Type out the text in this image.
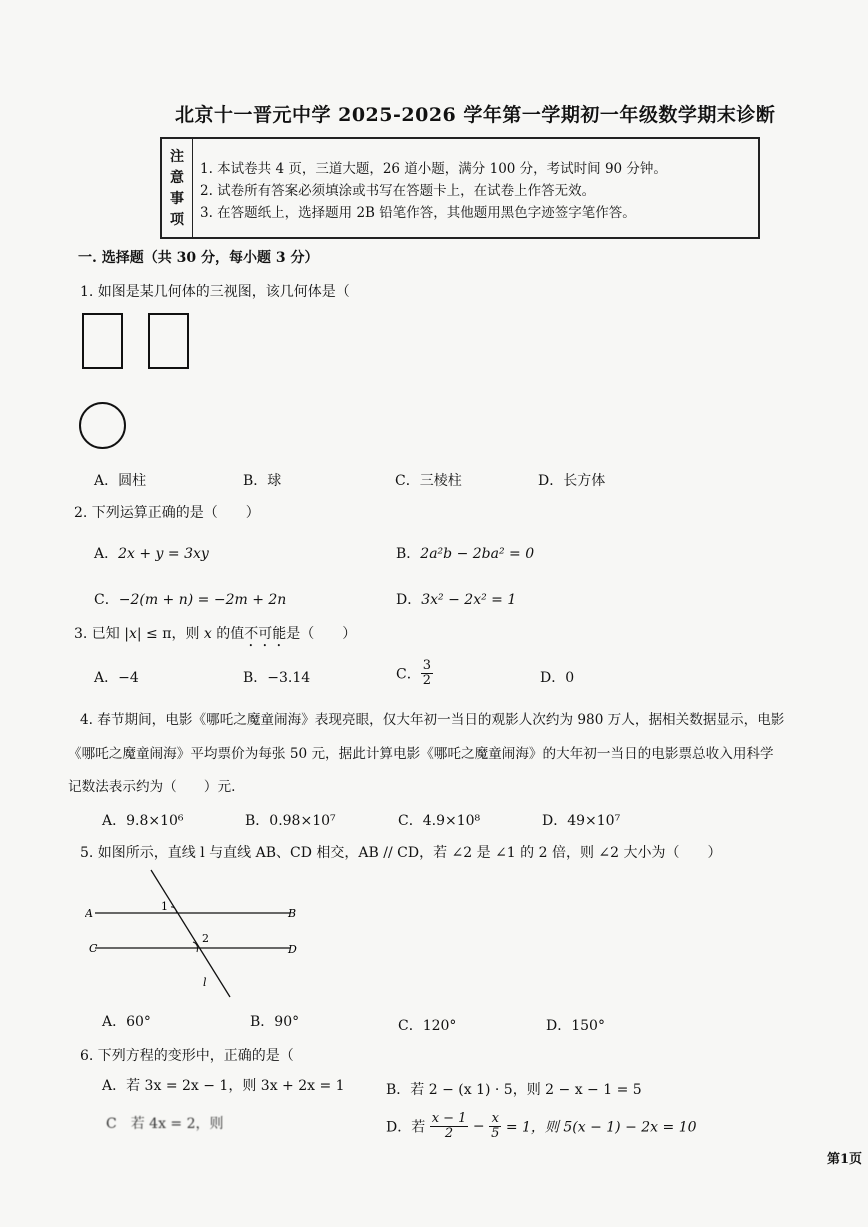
北京十一晋元中学 2025-2026 学年第一学期初一年级数学期末诊断
注
意
事
项
1. 本试卷共 4 页，三道大题，26 道小题，满分 100 分，考试时间 90 分钟。
2. 试卷所有答案必须填涂或书写在答题卡上，在试卷上作答无效。
3. 在答题纸上，选择题用 2B 铅笔作答，其他题用黑色字迹签字笔作答。
一. 选择题（共 30 分，每小题 3 分）
1. 如图是某几何体的三视图，该几何体是（
A．圆柱	B．球	C．三棱柱	D．长方体
2. 下列运算正确的是（　　）
A．2x + y = 3xy	B．2a²b − 2ba² = 0
C．−2(m + n) = −2m + 2n	D．3x² − 2x² = 1
3. 已知 |x| ≤ π，则 x 的值不可能是（　　）
A．−4	B．−3.14	C． $\frac{3}{2}$	D．0
4. 春节期间，电影《哪吒之魔童闹海》表现亮眼，仅大年初一当日的观影人次约为 980 万人，据相关数据显示，电影
《哪吒之魔童闹海》平均票价为每张 50 元，据此计算电影《哪吒之魔童闹海》的大年初一当日的电影票总收入用科学
记数法表示约为（　　）元.
A．9.8×10⁶	B．0.98×10⁷	C．4.9×10⁸	D．49×10⁷
5. 如图所示，直线 l 与直线 AB、CD 相交，AB // CD，若 ∠2 是 ∠1 的 2 倍，则 ∠2 大小为（　　）
A	B
C	D
1
2
l
A．60°	B．90°	C．120°	D．150°
6. 下列方程的变形中，正确的是（
A．若 3x = 2x − 1，则 3x + 2x = 1	B．若 2 − (x 1) · 5，则 2 − x − 1 = 5
C　若 4x = 2，则	D．若 $\frac{x - 1}{2} - \frac{x}{5} = 1$，则 5(x − 1) − 2x = 10
第1页
